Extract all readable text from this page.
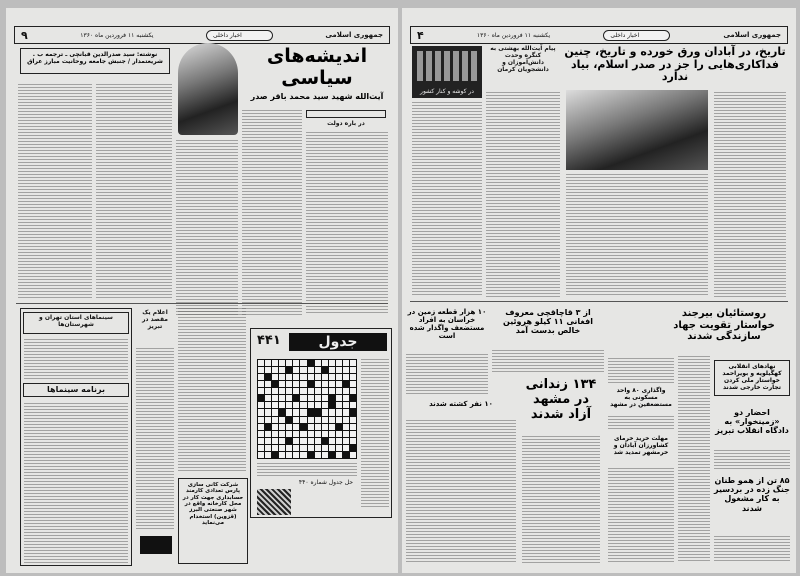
جمهوری اسلامی
اخبار داخلی
یکشنبه ۱۱ فروردین ماه ۱۳۶۰
۹
اندیشه‌های سیاسی
آیت‌الله شهید سید محمد باقر صدر
نوشته: سید صدرالدین قبانچی ـ ترجمه ب . شریعتمدار / جنبش جامعه روحانیت مبارز عراق
در باره دولت
جدول
۴۴۱
حل جدول شماره ۴۴۰
سینماهای استان تهران و شهرستان‌ها
برنامه سینماها
اعلام یک مقصد در تبریز
شرکت کانی سازی پارس تعدادی کارمند حسابداری جهت کار در محل کارخانه واقع در شهر صنعتی البرز (قزوین) استخدام می‌نماید
جمهوری اسلامی
اخبار داخلی
یکشنبه ۱۱ فروردین ماه ۱۳۶۰
۴
تاریخ، در آبادان ورق خورده و تاریخ، چنین فداکاری‌هایی را جز در صدر اسلام، بیاد ندارد
در کوشه و کنار کشور
پیام آیت‌الله بهشتی به کنگره وحدت دانش‌آموزان و دانشجویان کرمان
روستائیان بیرجند خواستار تقویت جهاد سازندگی شدند
از ۳ قاچاقچی معروف افغانی ۱۱ کیلو هروئین خالص بدست آمد
۱۰ هزار قطعه زمین در خراسان به افراد مستضعف واگذار شده است
۱۰ نفر کشته شدند
۱۳۴ زندانی در مشهد آزاد شدند
واگذاری ۸۰ واحد مسکونی به مستضعفین در مشهد
مهلت خرید خرمای کشاورزان آبادان و خرمشهر تمدید شد
نهادهای انقلابی کهگیلویه و بویراحمد خواستار ملی کردن تجارت خارجی شدند
احضار دو «زمینخوار» به دادگاه انقلاب تبریز
۸۵ تن از همو طنان جنگ زده در بردسیر به کار مشغول شدند
